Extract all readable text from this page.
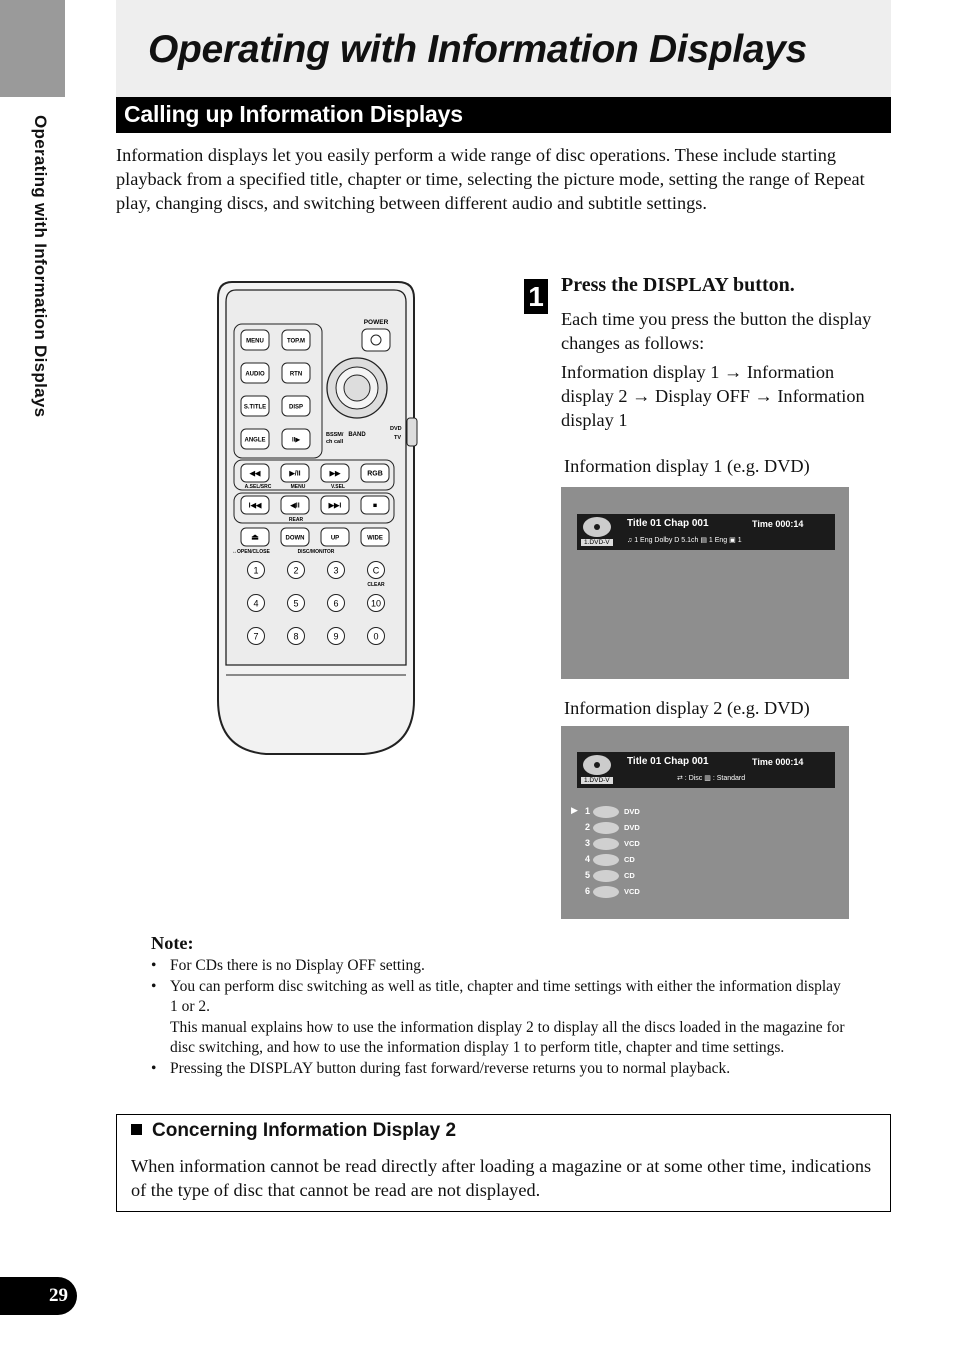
Operating with Information Displays
Operating with Information Displays
Calling up Information Displays

Information displays let you easily perform a wide range of disc operations. These include starting playback from a specified title, chapter or time, selecting the picture mode, setting the range of Repeat play, changing discs, and switching between different audio and subtitle settings.

POWER
MENU	TOP.M
AUDIO	RTN
S.TITLE	DISP
ANGLE	II▶
BSSM/
ch call
BAND
DVD
TV
◀◀	▶/II	▶▶	RGB
A.SEL/SRC	MENU	V.SEL
I◀◀	◀II	▶▶I	■
REAR
⏏	DOWN	UP	WIDE
↔OPEN/CLOSE	DISC/MONITOR
1	2	3	C
4	5	6	10
7	8	9	0
CLEAR
1 Press the DISPLAY button.

Each time you press the button the display changes as follows:

Information display 1 → Information display 2 → Display OFF → Information display 1

Information display 1 (e.g. DVD)
1.DVD-V
Title 01 Chap 001	Time 000:14
♫ 1 Eng Dolby D 5.1ch ▤ 1 Eng ▣ 1
Information display 2 (e.g. DVD)
1.DVD-V
Title 01 Chap 001	Time 000:14
⇄ : Disc ▥ : Standard
▶ 1	DVD
2	DVD
3	VCD
4	CD
5	CD
6	VCD

Note:

• For CDs there is no Display OFF setting.
• You can perform disc switching as well as title, chapter and time settings with either the information display 1 or 2.
This manual explains how to use the information display 2 to display all the discs loaded in the magazine for disc switching, and how to use the information display 1 to perform title, chapter and time settings.
• Pressing the DISPLAY button during fast forward/reverse returns you to normal playback.
Concerning Information Display 2

When information cannot be read directly after loading a magazine or at some other time, indications of the type of disc that cannot be read are not displayed.

29
